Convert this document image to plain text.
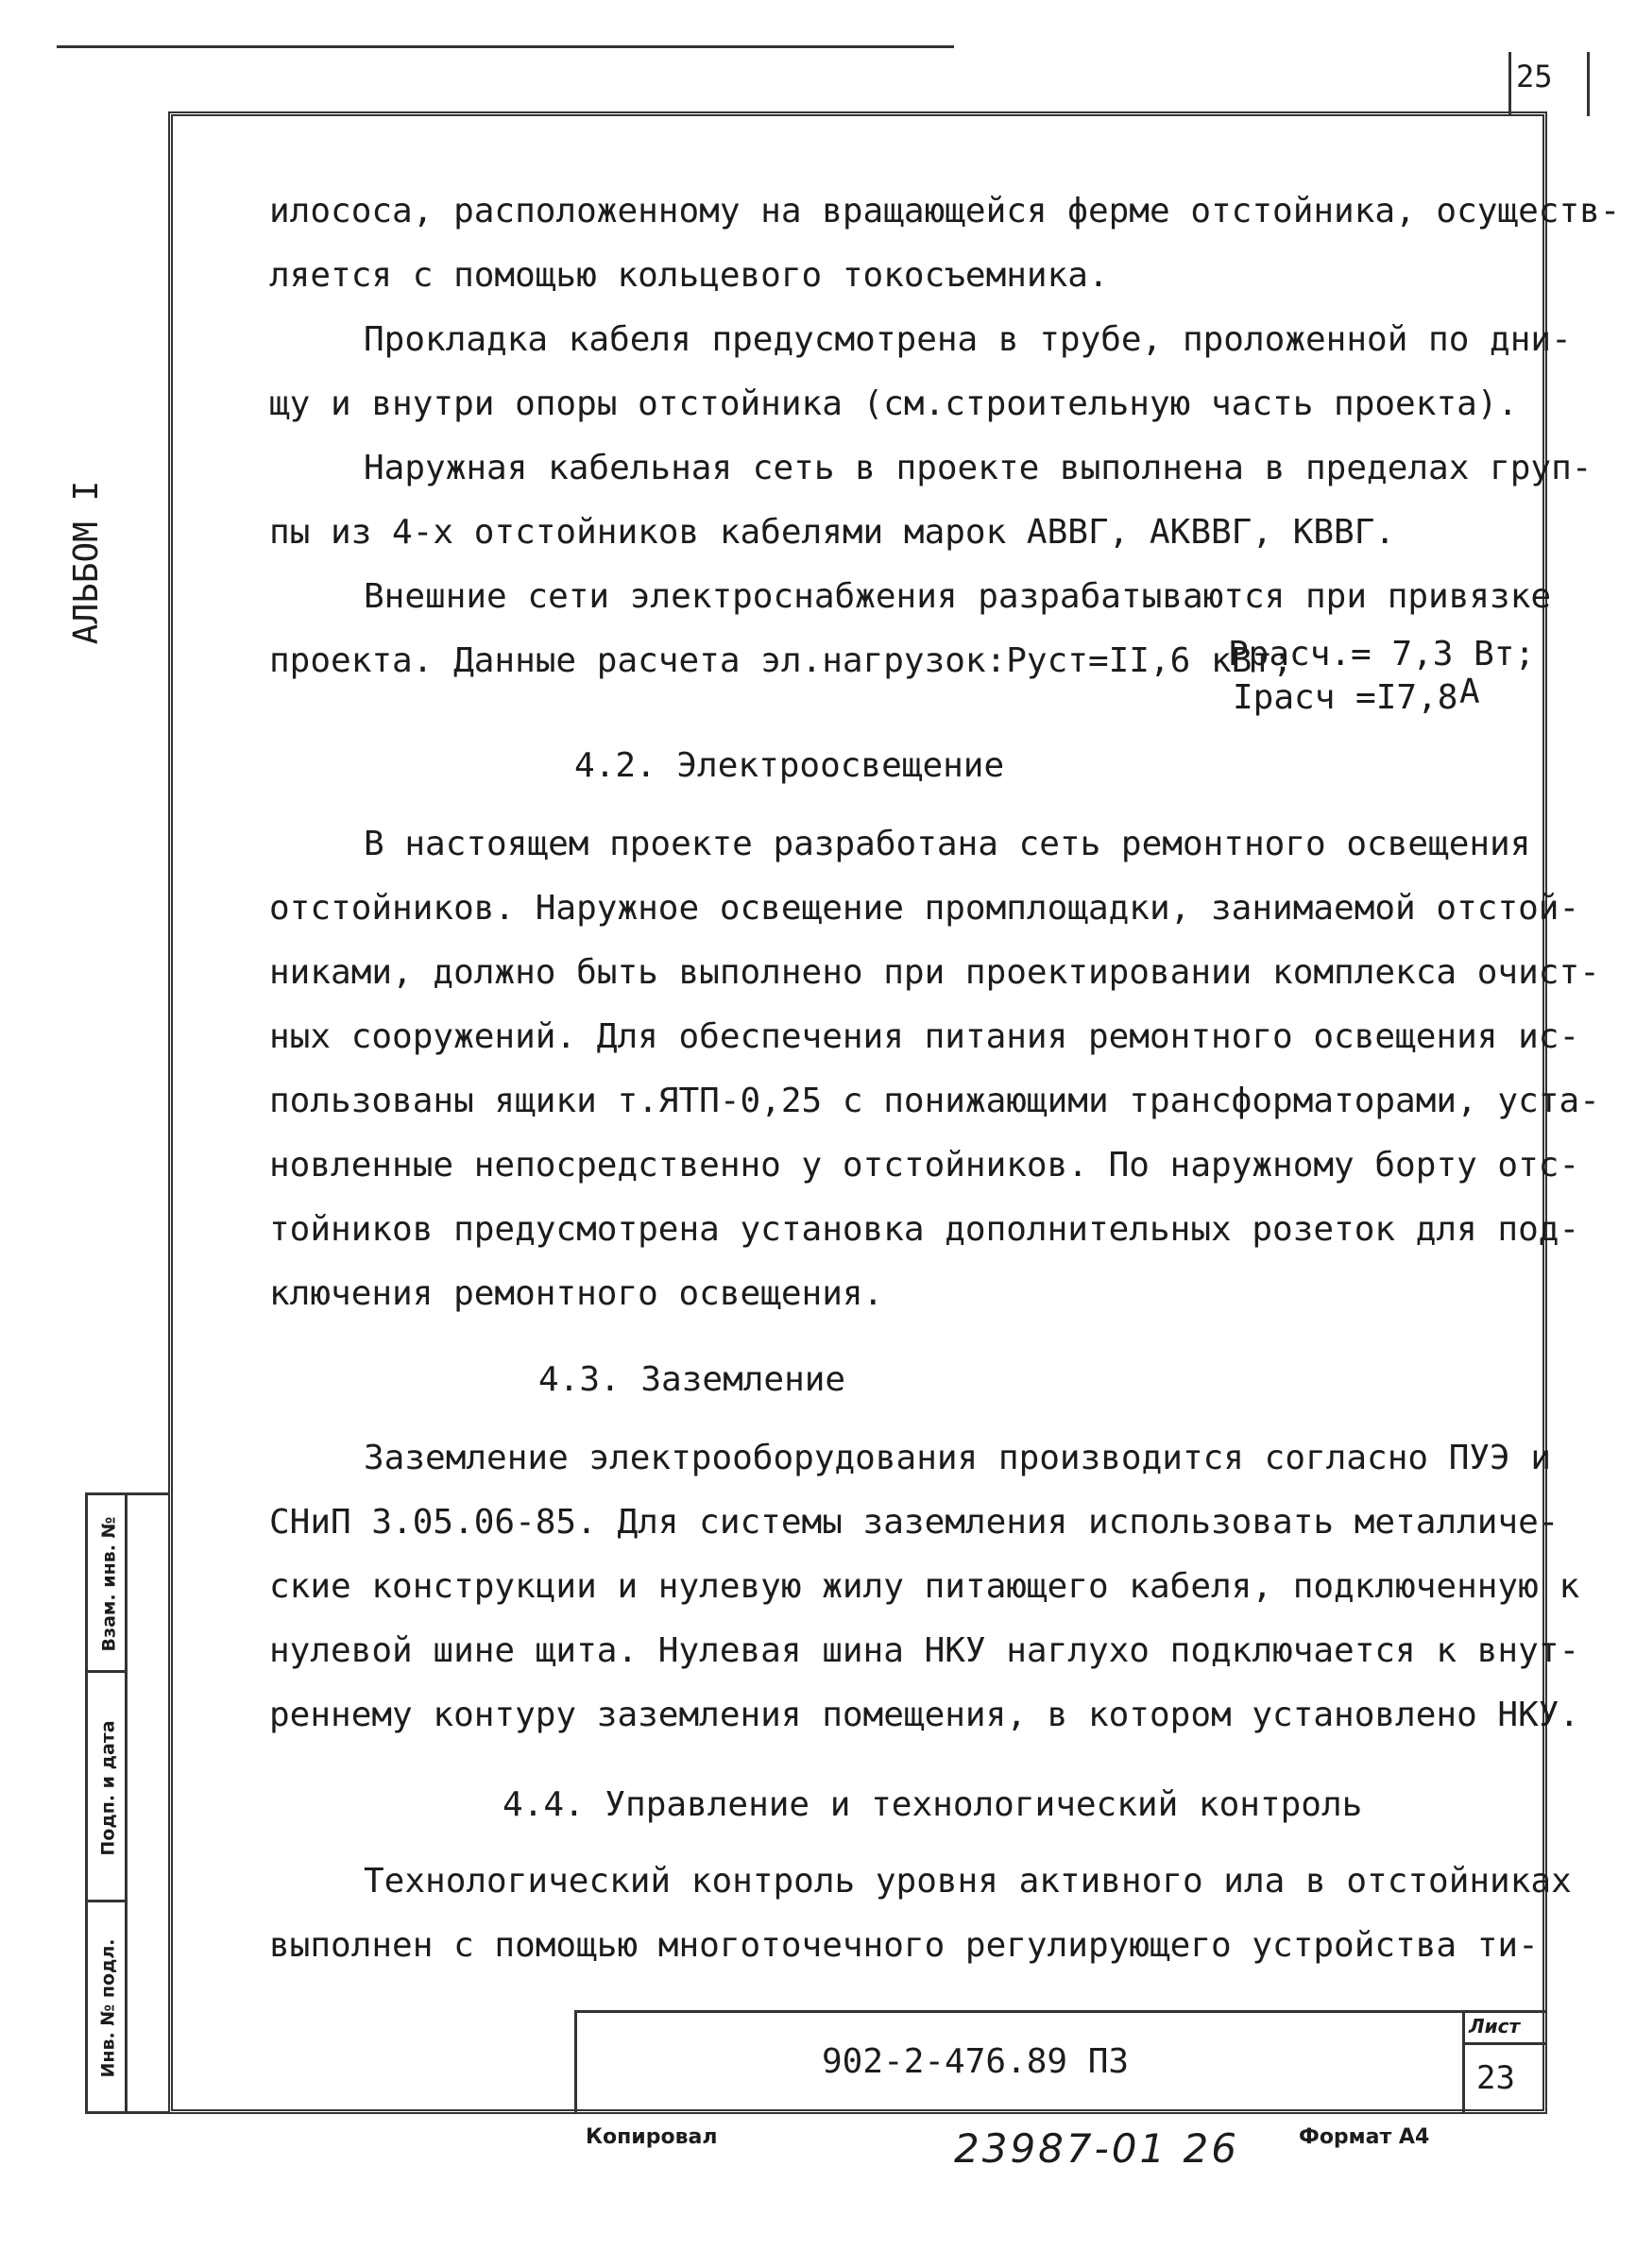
25
АЛЬБОМ I
Взам. инв. №
Подп. и дата
Инв. № подл.
илососа, расположенному на вращающейся ферме отстойника, осуществ-
ляется с помощью кольцевого токосъемника.
Прокладка кабеля предусмотрена в трубе, проложенной по дни-
щу и внутри опоры отстойника (см.строительную часть проекта).
Наружная кабельная сеть в проекте выполнена в пределах груп-
пы из 4-х отстойников кабелями марок АВВГ, АКВВГ, КВВГ.
Внешние сети электроснабжения разрабатываются при привязке
проекта. Данные расчета эл.нагрузок:Руст=II,6 кВт;
Ррасч.= 7,3 Вт;
Iрасч =I7,8 А
4.2. Электроосвещение
В настоящем проекте разработана сеть ремонтного освещения
отстойников. Наружное освещение промплощадки, занимаемой отстой-
никами, должно быть выполнено при проектировании комплекса очист-
ных сооружений. Для обеспечения питания ремонтного освещения ис-
пользованы ящики т.ЯТП-0,25 с понижающими трансформаторами, уста-
новленные непосредственно у отстойников. По наружному борту отс-
тойников предусмотрена установка дополнительных розеток для под-
ключения ремонтного освещения.
4.3. Заземление
Заземление электрооборудования производится согласно ПУЭ и
СНиП 3.05.06-85. Для системы заземления использовать металличе-
ские конструкции и нулевую жилу питающего кабеля, подключенную к
нулевой шине щита. Нулевая шина НКУ наглухо подключается к внут-
реннему контуру заземления помещения, в котором установлено НКУ.
4.4. Управление и технологический контроль
Технологический контроль уровня активного ила в отстойниках
выполнен с помощью многоточечного регулирующего устройства ти-
902-2-476.89 ПЗ
Лист
23
Копировал	23987-01 26	Формат А4
